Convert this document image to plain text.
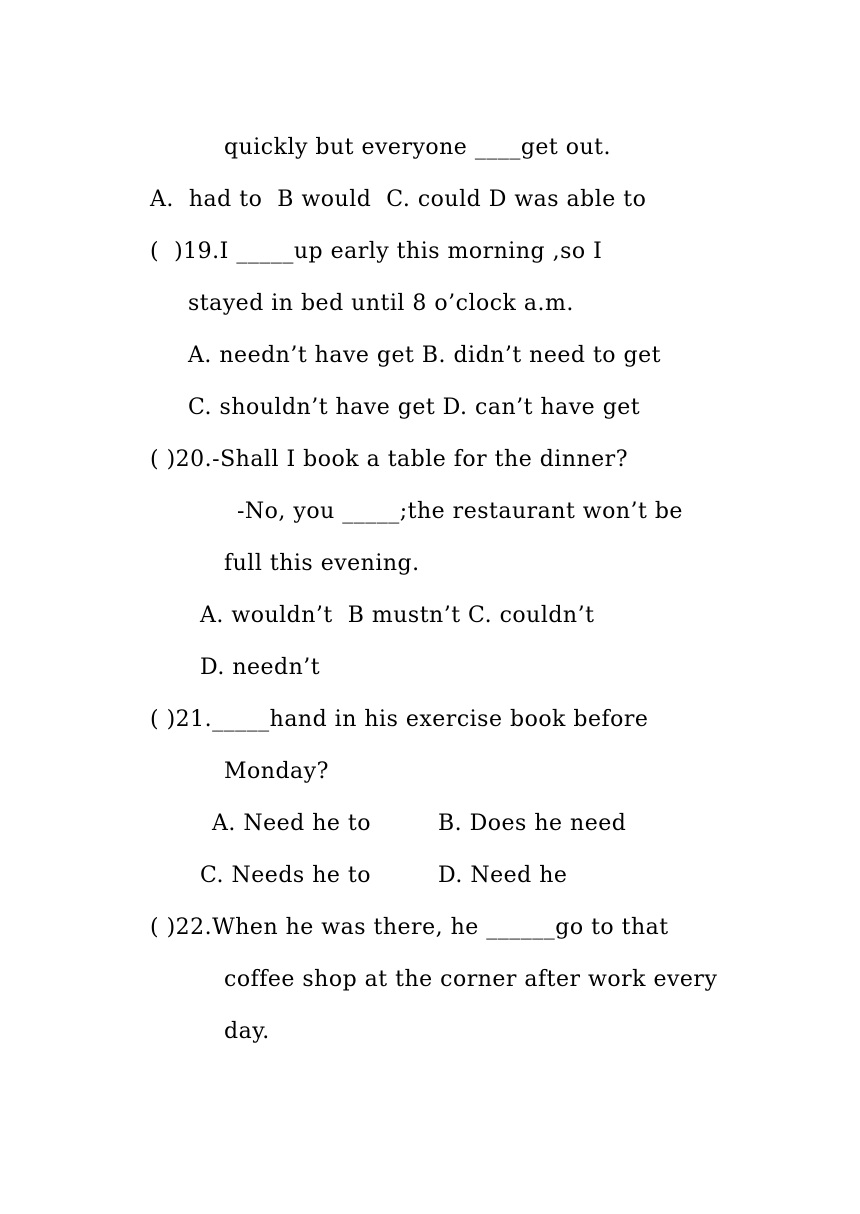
quickly but everyone ____get out.
A.  had to  B would  C. could D was able to
(  )19.I _____up early this morning ,so I
stayed in bed until 8 o’clock a.m.
A. needn’t have get B. didn’t need to get
C. shouldn’t have get D. can’t have get
( )20.-Shall I book a table for the dinner?
-No, you _____;the restaurant won’t be
full this evening.
A. wouldn’t  B mustn’t C. couldn’t
D. needn’t
( )21._____hand in his exercise book before
Monday?
A. Need he to	B. Does he need
C. Needs he to	D. Need he
( )22.When he was there, he ______go to that
coffee shop at the corner after work every
day.
